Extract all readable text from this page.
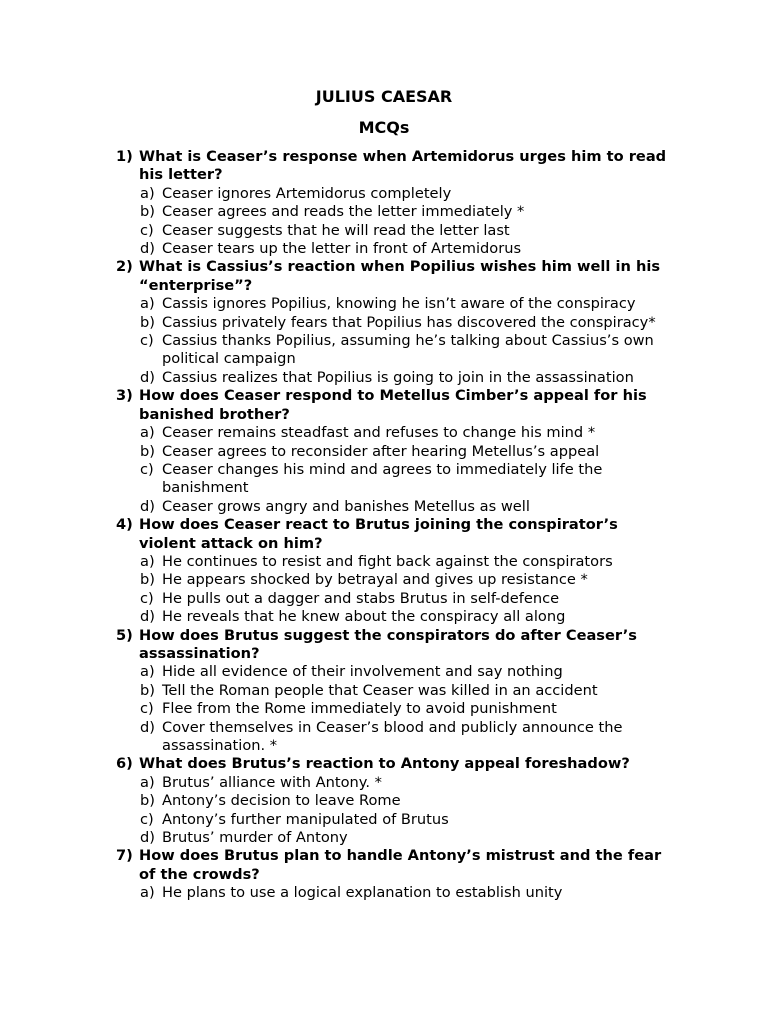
JULIUS CAESAR
MCQs
1) What is Ceaser’s response when Artemidorus urges him to read his letter?
a) Ceaser ignores Artemidorus completely
b) Ceaser agrees and reads the letter immediately *
c) Ceaser suggests that he will read the letter last
d) Ceaser tears up the letter in front of Artemidorus
2) What is Cassius’s reaction when Popilius wishes him well in his “enterprise”?
a) Cassis ignores Popilius, knowing he isn’t aware of the conspiracy
b) Cassius privately fears that Popilius has discovered the conspiracy*
c) Cassius thanks Popilius, assuming he’s talking about Cassius’s own political campaign
d) Cassius realizes that Popilius is going to join in the assassination
3) How does Ceaser respond to Metellus Cimber’s appeal for his banished brother?
a) Ceaser remains steadfast and refuses to change his mind *
b) Ceaser agrees to reconsider after hearing Metellus’s appeal
c) Ceaser changes his mind and agrees to immediately life the banishment
d) Ceaser grows angry and banishes Metellus as well
4) How does Ceaser react to Brutus joining the conspirator’s violent attack on him?
a) He continues to resist and fight back against the conspirators
b) He appears shocked by betrayal and gives up resistance *
c) He pulls out a dagger and stabs Brutus in self-defence
d) He reveals that he knew about the conspiracy all along
5) How does Brutus suggest the conspirators do after Ceaser’s assassination?
a) Hide all evidence of their involvement and say nothing
b) Tell the Roman people that Ceaser was killed in an accident
c) Flee from the Rome immediately to avoid punishment
d) Cover themselves in Ceaser’s blood and publicly announce the assassination. *
6) What does Brutus’s reaction to Antony appeal foreshadow?
a) Brutus’ alliance with Antony. *
b) Antony’s decision to leave Rome
c) Antony’s further manipulated of Brutus
d) Brutus’ murder of Antony
7) How does Brutus plan to handle Antony’s mistrust and the fear of the crowds?
a) He plans to use a logical explanation to establish unity
